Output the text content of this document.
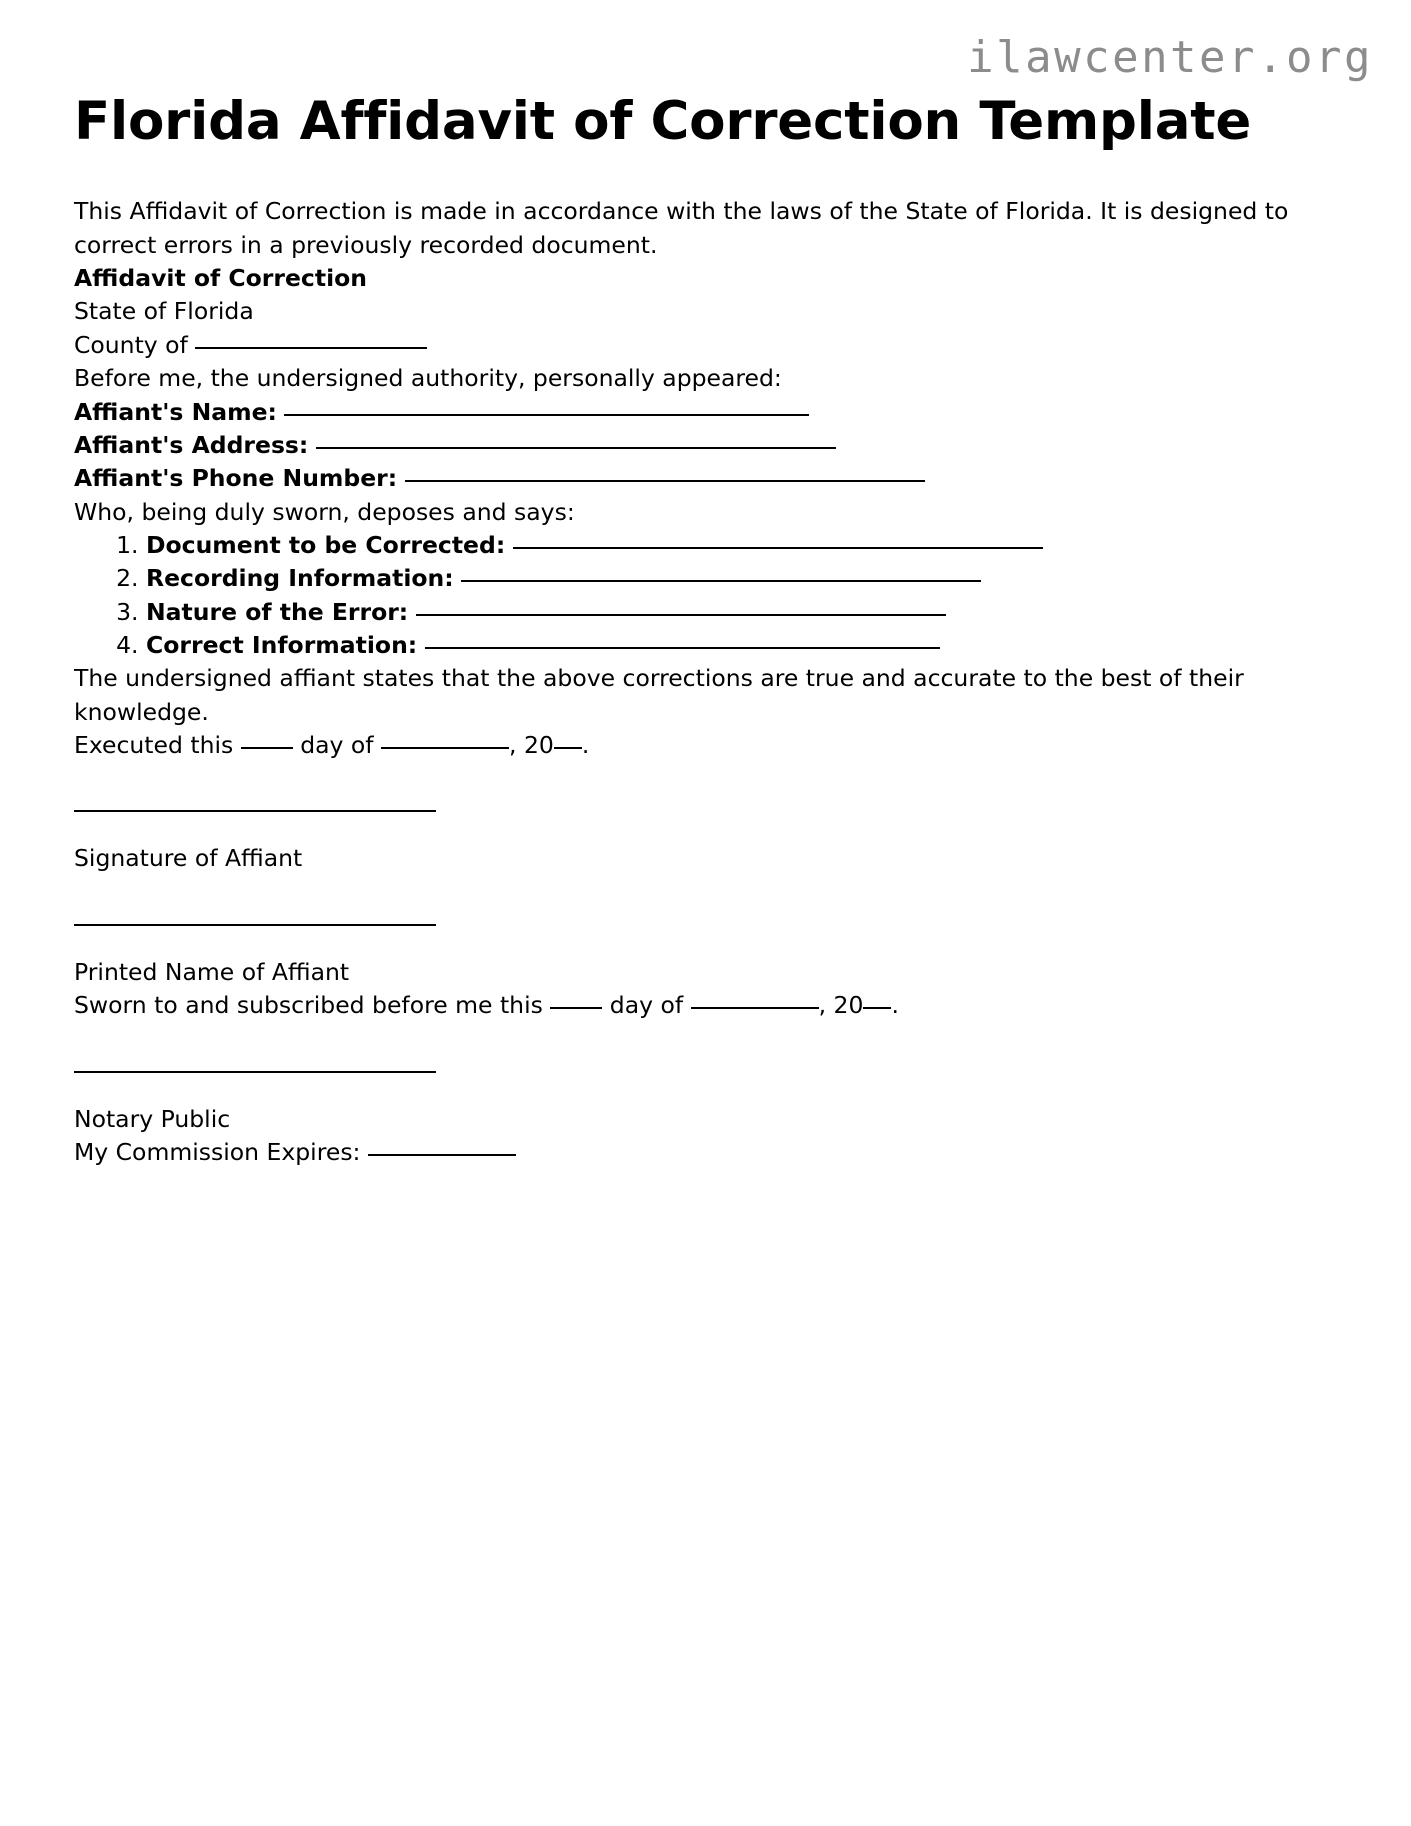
ilawcenter.org
Florida Affidavit of Correction Template

This Affidavit of Correction is made in accordance with the laws of the State of Florida. It is designed to correct errors in a previously recorded document.

Affidavit of Correction

State of Florida

County of

Before me, the undersigned authority, personally appeared:

Affiant's Name:

Affiant's Address:

Affiant's Phone Number:

Who, being duly sworn, deposes and says:

1. Document to be Corrected:
2. Recording Information:
3. Nature of the Error:
4. Correct Information:

The undersigned affiant states that the above corrections are true and accurate to the best of their knowledge.

Executed this  day of	, 20 .

Signature of Affiant

Printed Name of Affiant

Sworn to and subscribed before me this  day of	, 20 .

Notary Public

My Commission Expires:
